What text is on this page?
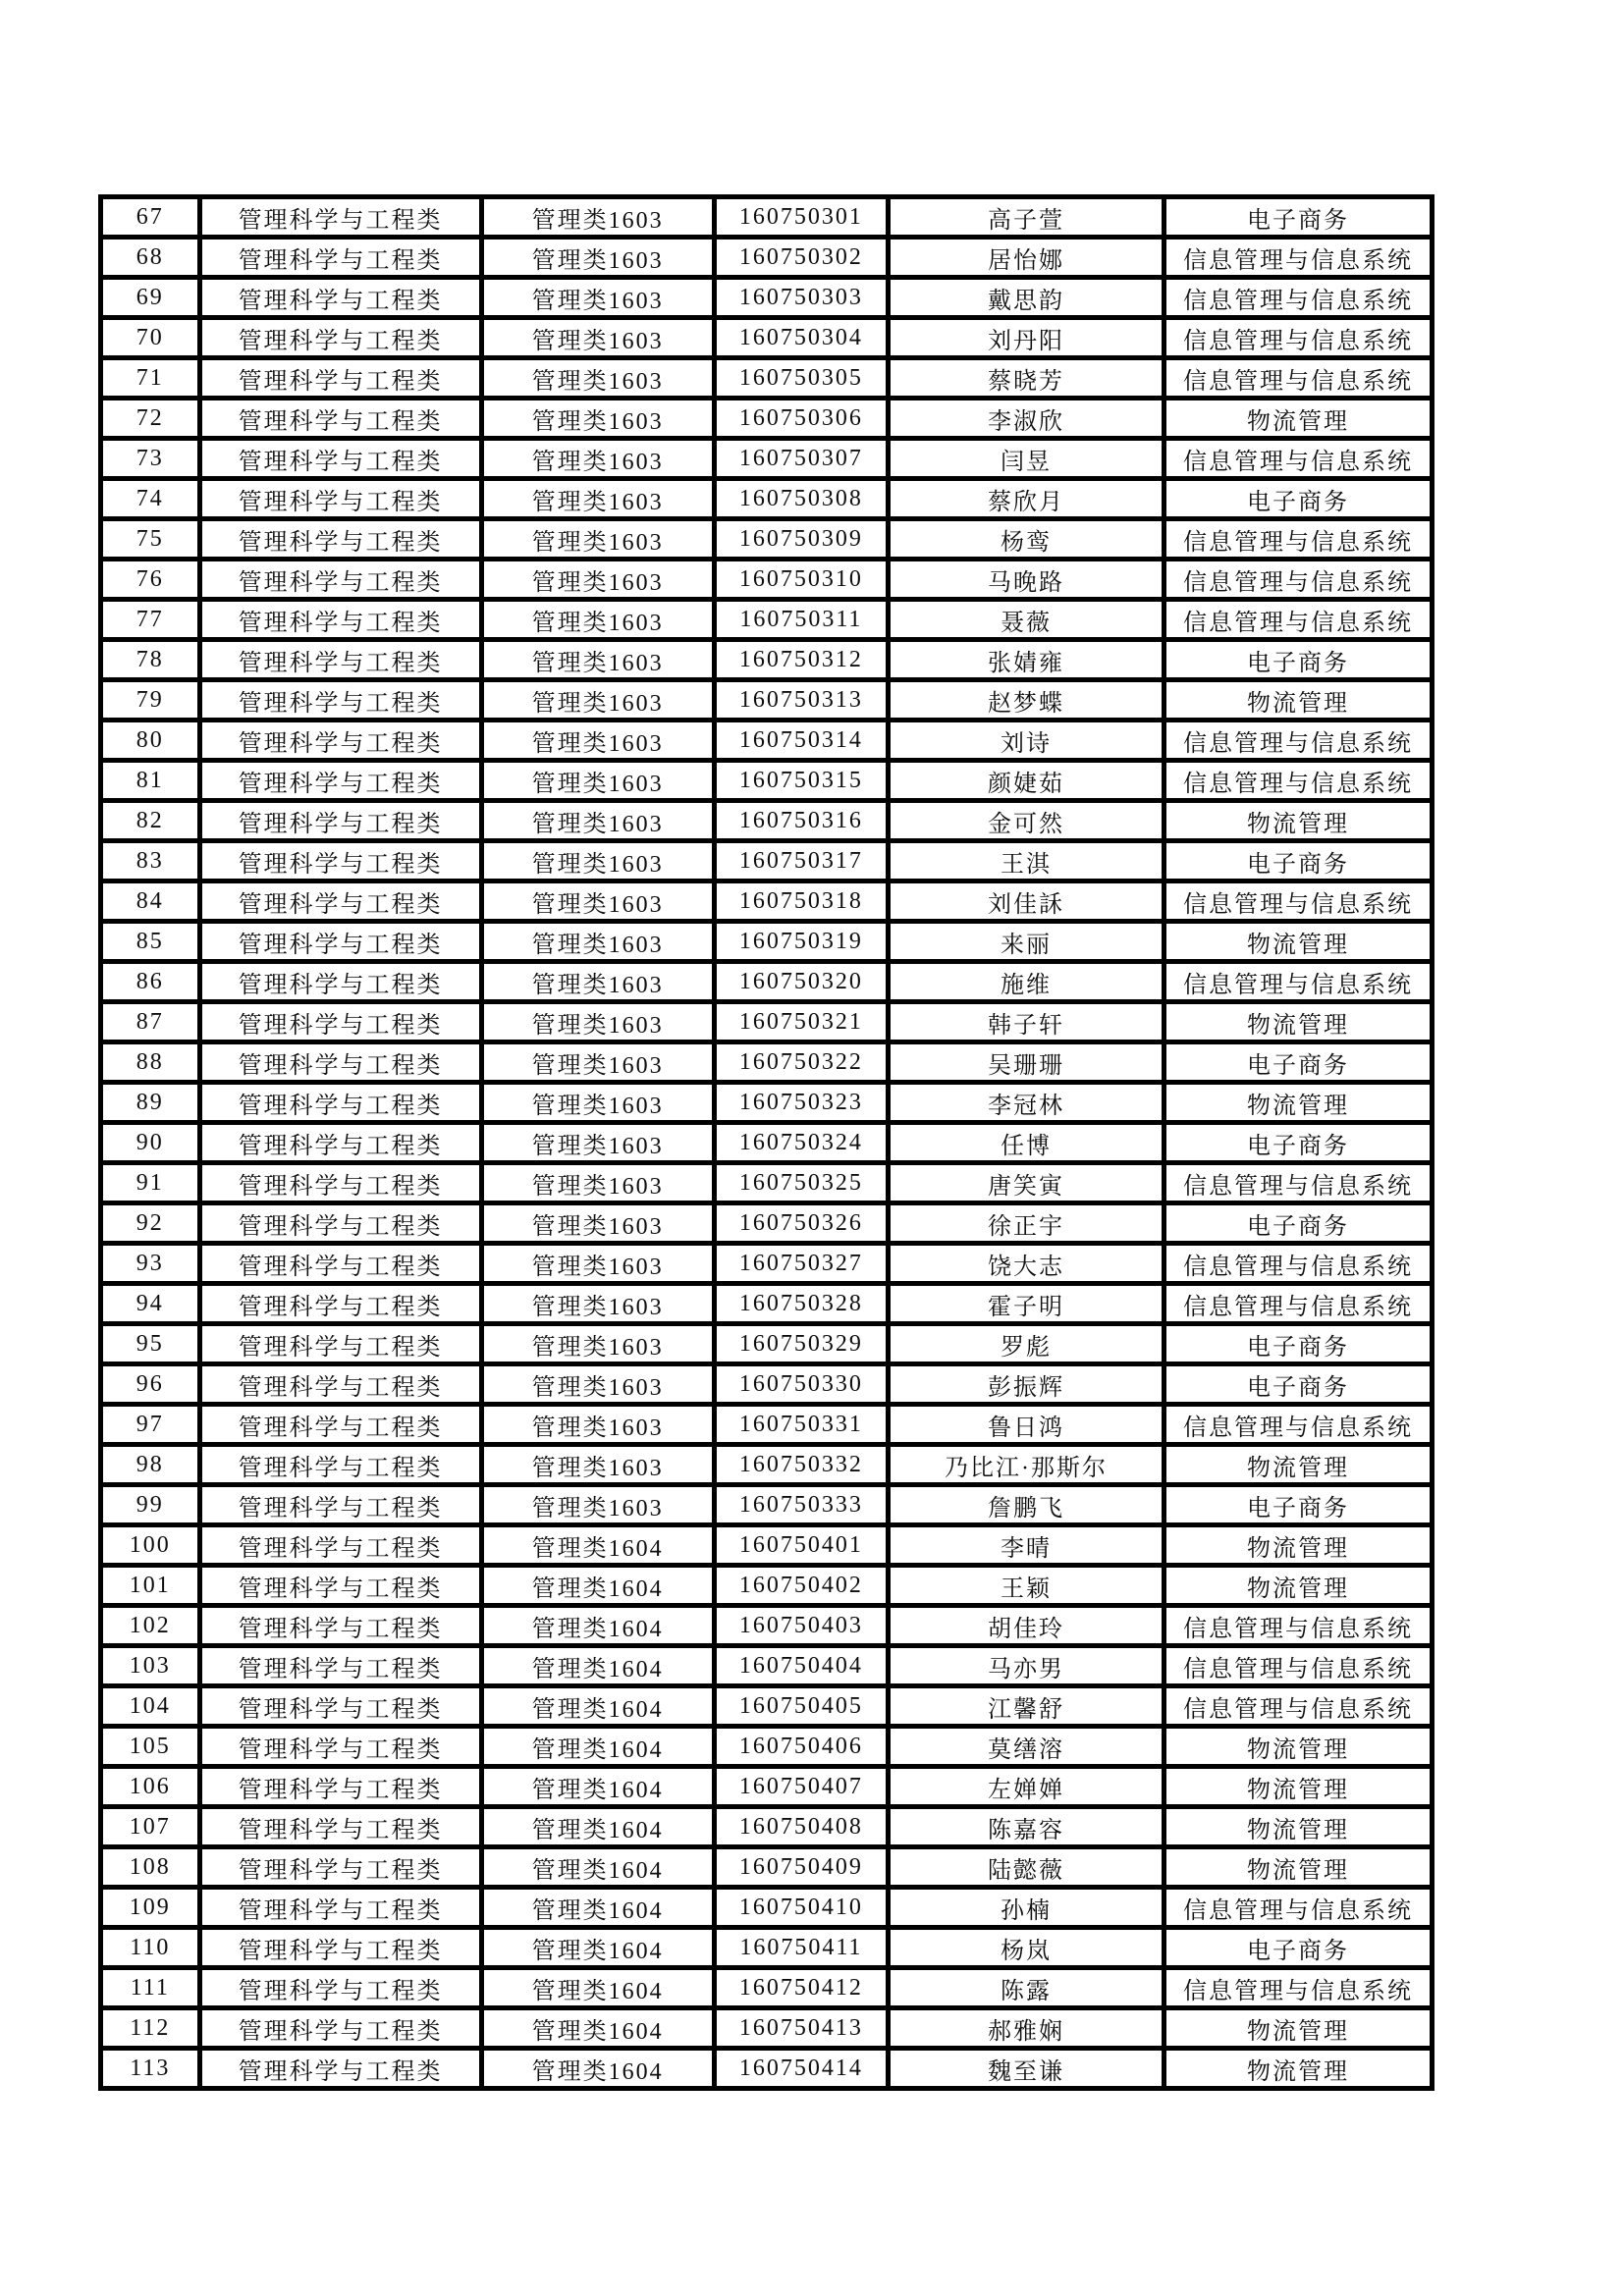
67	管理科学与工程类	管理类1603	160750301	高子萱	电子商务
68	管理科学与工程类	管理类1603	160750302	居怡娜	信息管理与信息系统
69	管理科学与工程类	管理类1603	160750303	戴思韵	信息管理与信息系统
70	管理科学与工程类	管理类1603	160750304	刘丹阳	信息管理与信息系统
71	管理科学与工程类	管理类1603	160750305	蔡晓芳	信息管理与信息系统
72	管理科学与工程类	管理类1603	160750306	李淑欣	物流管理
73	管理科学与工程类	管理类1603	160750307	闫昱	信息管理与信息系统
74	管理科学与工程类	管理类1603	160750308	蔡欣月	电子商务
75	管理科学与工程类	管理类1603	160750309	杨鸾	信息管理与信息系统
76	管理科学与工程类	管理类1603	160750310	马晚路	信息管理与信息系统
77	管理科学与工程类	管理类1603	160750311	聂薇	信息管理与信息系统
78	管理科学与工程类	管理类1603	160750312	张婧雍	电子商务
79	管理科学与工程类	管理类1603	160750313	赵梦蝶	物流管理
80	管理科学与工程类	管理类1603	160750314	刘诗	信息管理与信息系统
81	管理科学与工程类	管理类1603	160750315	颜婕茹	信息管理与信息系统
82	管理科学与工程类	管理类1603	160750316	金可然	物流管理
83	管理科学与工程类	管理类1603	160750317	王淇	电子商务
84	管理科学与工程类	管理类1603	160750318	刘佳訸	信息管理与信息系统
85	管理科学与工程类	管理类1603	160750319	来丽	物流管理
86	管理科学与工程类	管理类1603	160750320	施维	信息管理与信息系统
87	管理科学与工程类	管理类1603	160750321	韩子轩	物流管理
88	管理科学与工程类	管理类1603	160750322	吴珊珊	电子商务
89	管理科学与工程类	管理类1603	160750323	李冠林	物流管理
90	管理科学与工程类	管理类1603	160750324	任博	电子商务
91	管理科学与工程类	管理类1603	160750325	唐笑寅	信息管理与信息系统
92	管理科学与工程类	管理类1603	160750326	徐正宇	电子商务
93	管理科学与工程类	管理类1603	160750327	饶大志	信息管理与信息系统
94	管理科学与工程类	管理类1603	160750328	霍子明	信息管理与信息系统
95	管理科学与工程类	管理类1603	160750329	罗彪	电子商务
96	管理科学与工程类	管理类1603	160750330	彭振辉	电子商务
97	管理科学与工程类	管理类1603	160750331	鲁日鸿	信息管理与信息系统
98	管理科学与工程类	管理类1603	160750332	乃比江·那斯尔	物流管理
99	管理科学与工程类	管理类1603	160750333	詹鹏飞	电子商务
100	管理科学与工程类	管理类1604	160750401	李晴	物流管理
101	管理科学与工程类	管理类1604	160750402	王颖	物流管理
102	管理科学与工程类	管理类1604	160750403	胡佳玲	信息管理与信息系统
103	管理科学与工程类	管理类1604	160750404	马亦男	信息管理与信息系统
104	管理科学与工程类	管理类1604	160750405	江馨舒	信息管理与信息系统
105	管理科学与工程类	管理类1604	160750406	莫缮溶	物流管理
106	管理科学与工程类	管理类1604	160750407	左婵婵	物流管理
107	管理科学与工程类	管理类1604	160750408	陈嘉容	物流管理
108	管理科学与工程类	管理类1604	160750409	陆懿薇	物流管理
109	管理科学与工程类	管理类1604	160750410	孙楠	信息管理与信息系统
110	管理科学与工程类	管理类1604	160750411	杨岚	电子商务
111	管理科学与工程类	管理类1604	160750412	陈露	信息管理与信息系统
112	管理科学与工程类	管理类1604	160750413	郝雅娴	物流管理
113	管理科学与工程类	管理类1604	160750414	魏至谦	物流管理
